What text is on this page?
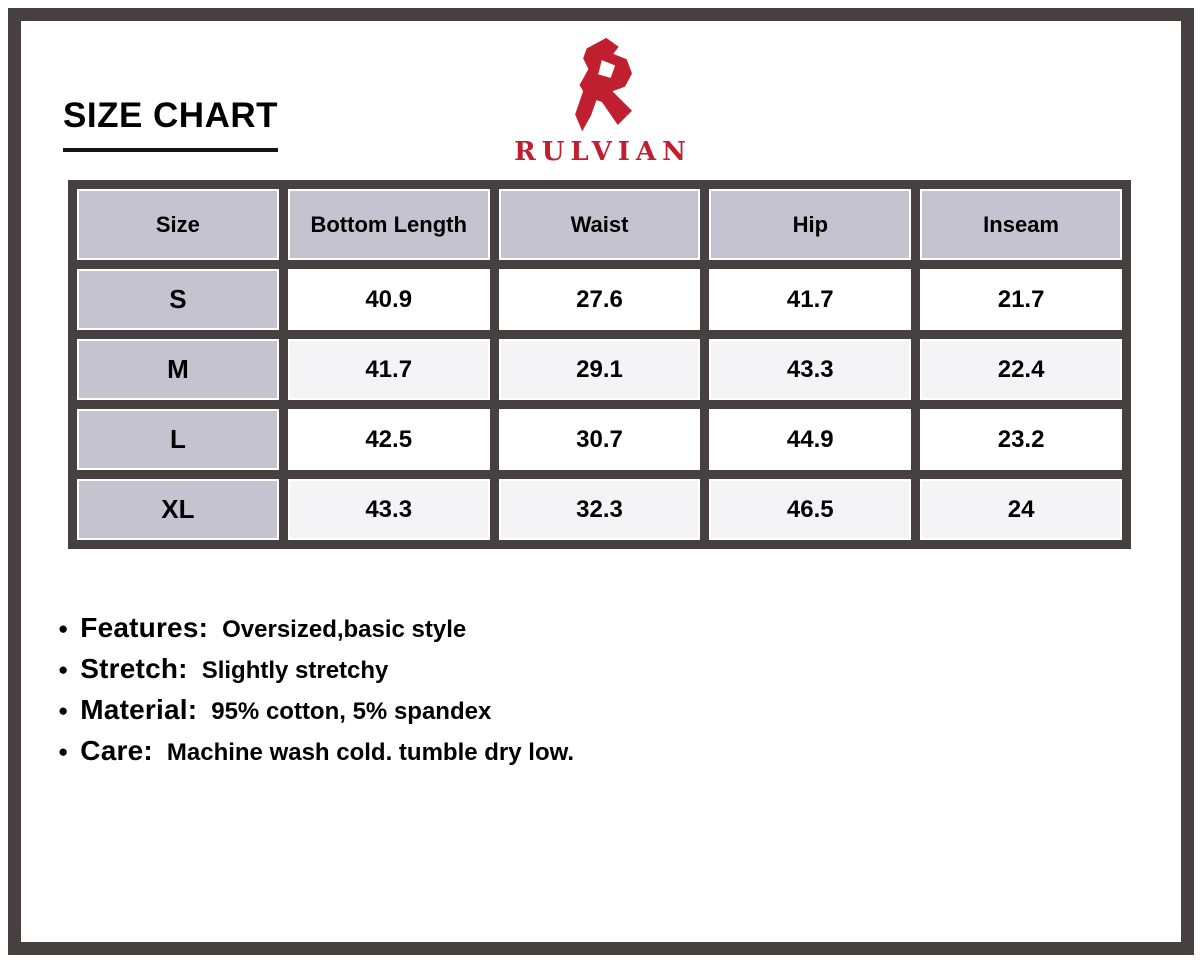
SIZE CHART
RULVIAN
Size	Bottom Length	Waist	Hip	Inseam
S	40.9	27.6	41.7	21.7
M	41.7	29.1	43.3	22.4
L	42.5	30.7	44.9	23.2
XL	43.3	32.3	46.5	24
● Features: Oversized,basic style
● Stretch: Slightly stretchy
● Material: 95% cotton, 5% spandex
● Care: Machine wash cold. tumble dry low.
